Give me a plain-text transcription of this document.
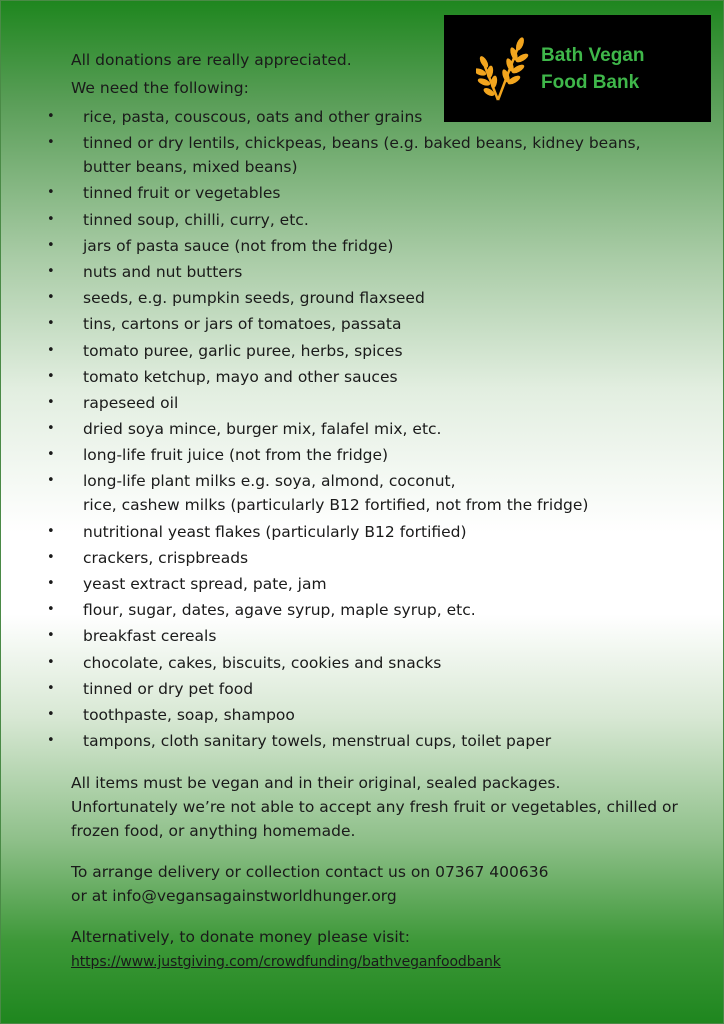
Bath Vegan
Food Bank
All donations are really appreciated.
We need the following:
• rice, pasta, couscous, oats and other grains
• tinned or dry lentils, chickpeas, beans (e.g. baked beans, kidney beans,
butter beans, mixed beans)
• tinned fruit or vegetables
• tinned soup, chilli, curry, etc.
• jars of pasta sauce (not from the fridge)
• nuts and nut butters
• seeds, e.g. pumpkin seeds, ground flaxseed
• tins, cartons or jars of tomatoes, passata
• tomato puree, garlic puree, herbs, spices
• tomato ketchup, mayo and other sauces
• rapeseed oil
• dried soya mince, burger mix, falafel mix, etc.
• long-life fruit juice (not from the fridge)
• long-life plant milks e.g. soya, almond, coconut,
rice, cashew milks (particularly B12 fortified, not from the fridge)
• nutritional yeast flakes (particularly B12 fortified)
• crackers, crispbreads
• yeast extract spread, pate, jam
• flour, sugar, dates, agave syrup, maple syrup, etc.
• breakfast cereals
• chocolate, cakes, biscuits, cookies and snacks
• tinned or dry pet food
• toothpaste, soap, shampoo
• tampons, cloth sanitary towels, menstrual cups, toilet paper
All items must be vegan and in their original, sealed packages.
Unfortunately we’re not able to accept any fresh fruit or vegetables, chilled or
frozen food, or anything homemade.
To arrange delivery or collection contact us on 07367 400636
or at info@vegansagainstworldhunger.org
Alternatively, to donate money please visit:
https://www.justgiving.com/crowdfunding/bathveganfoodbank
